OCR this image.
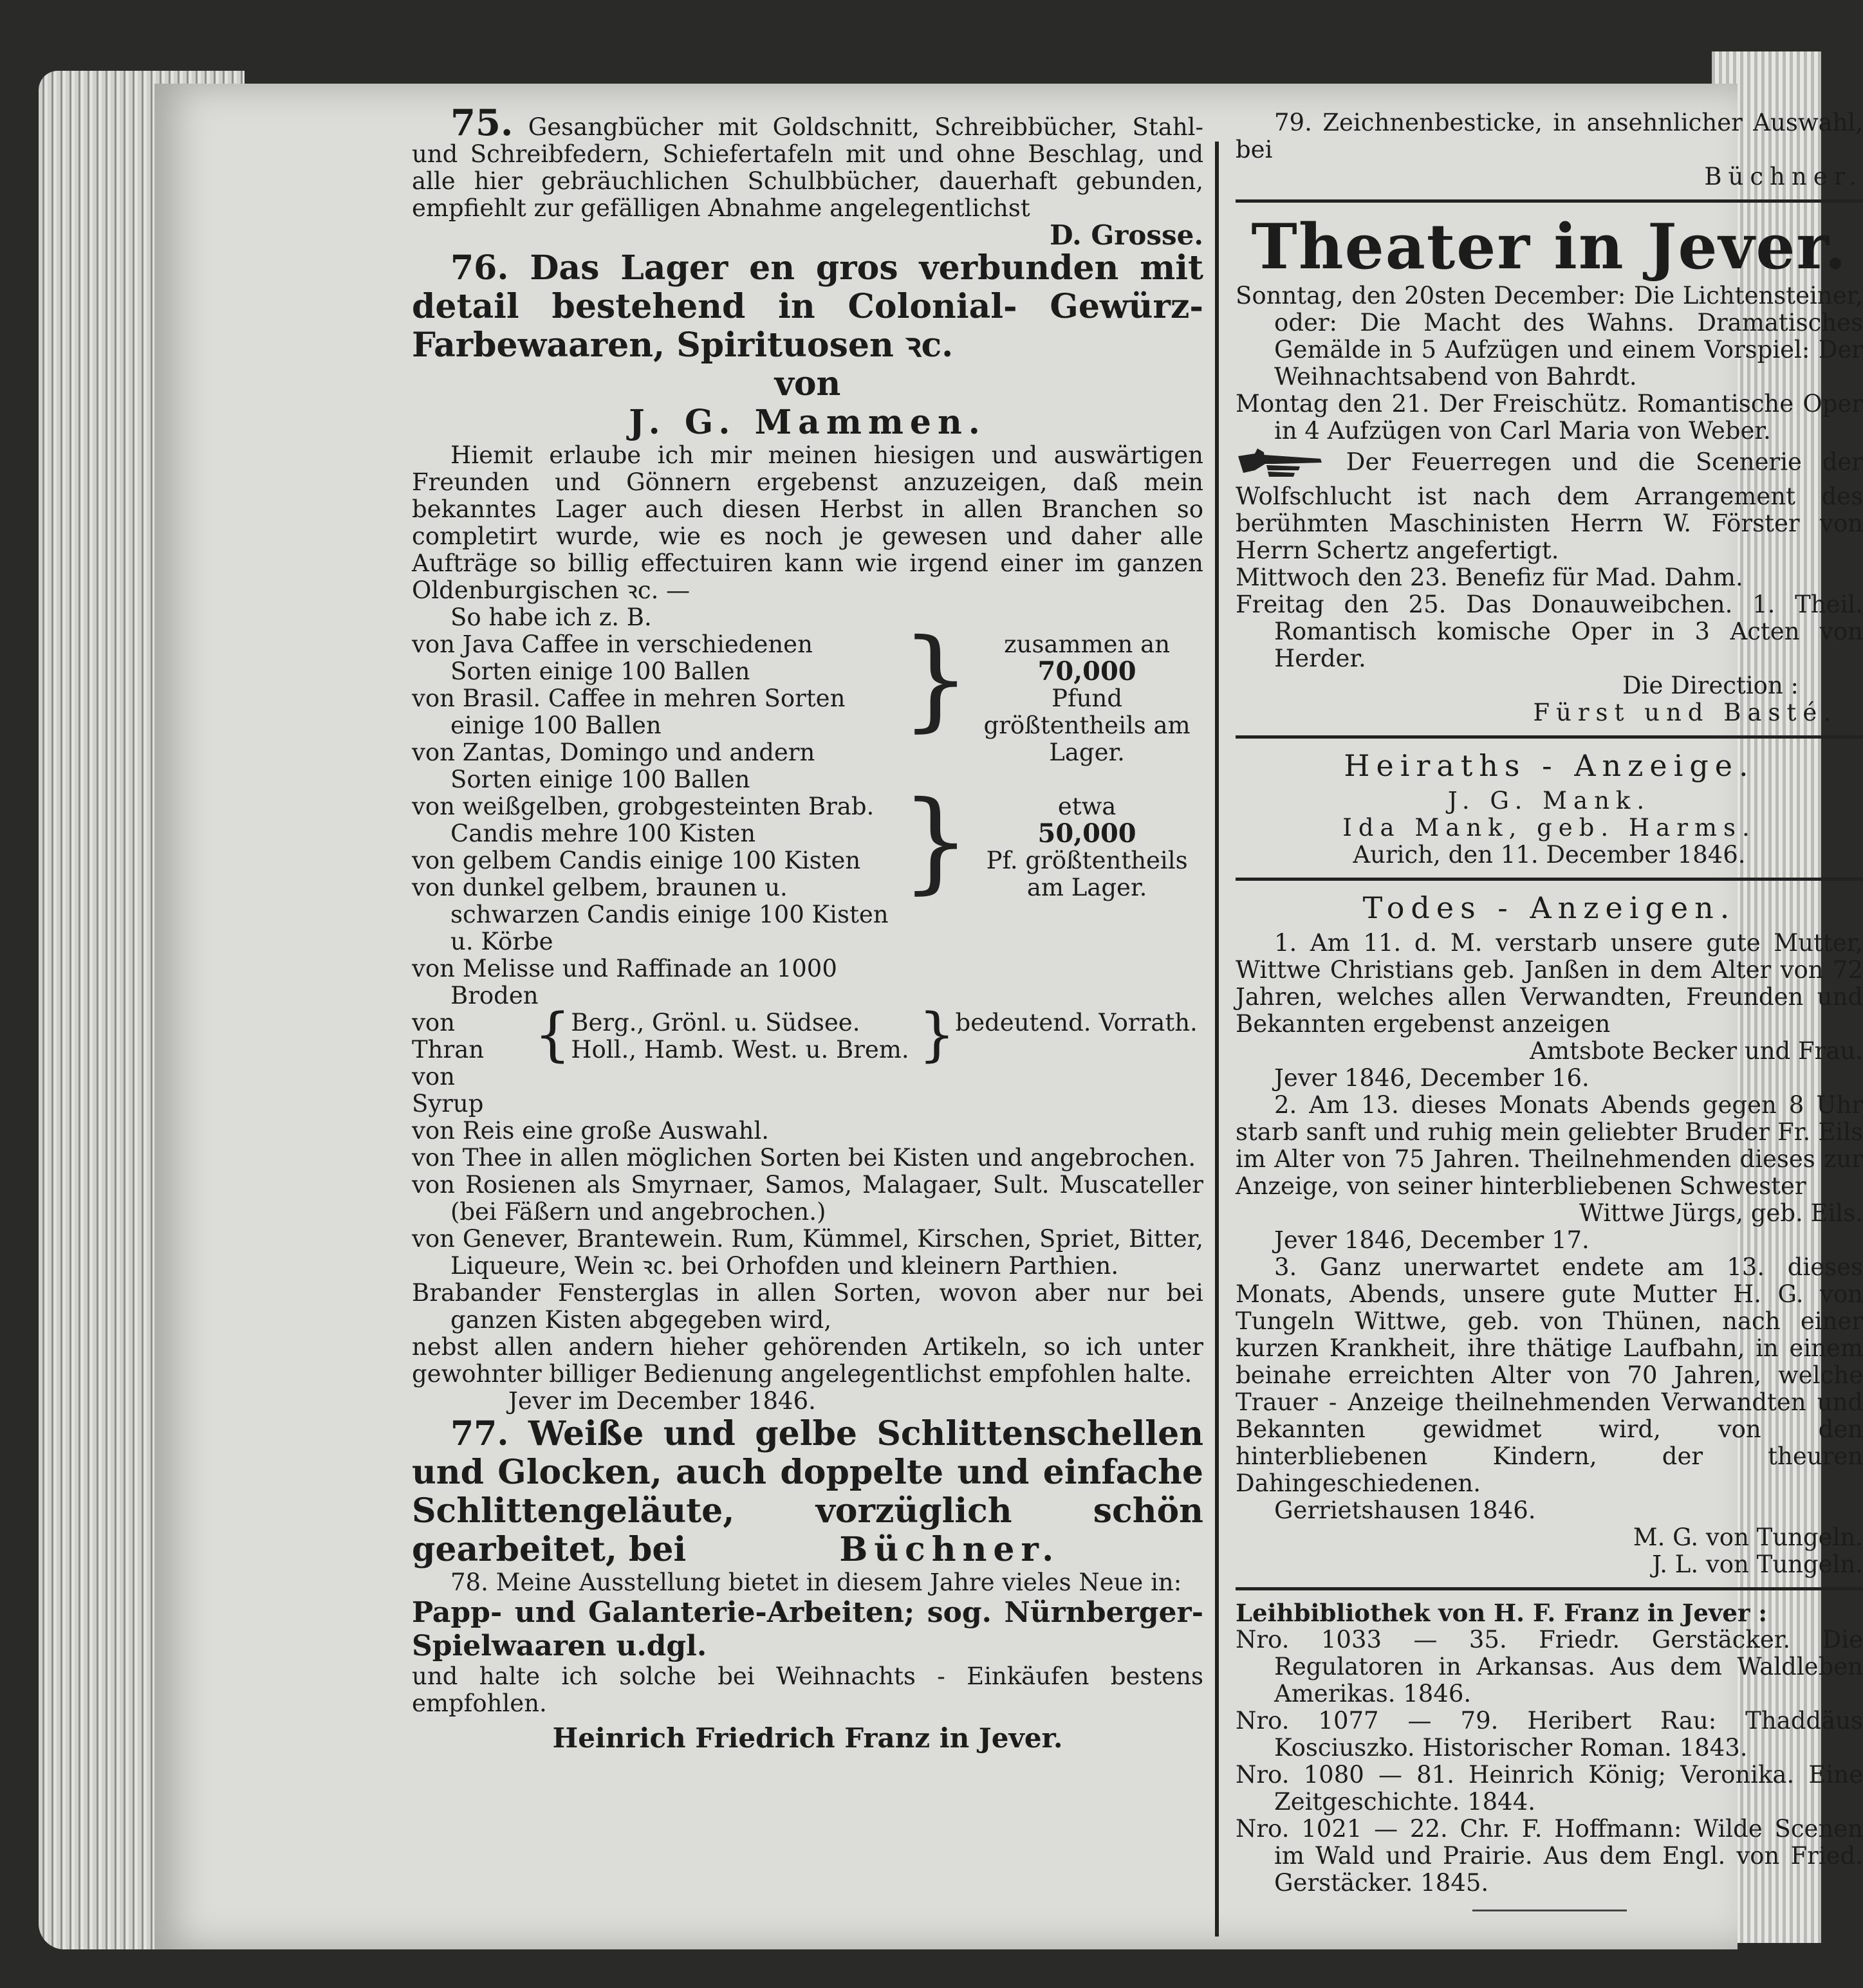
75. Gesangbücher mit Goldschnitt, Schreibbücher, Stahl- und Schreibfedern, Schiefertafeln mit und ohne Beschlag, und alle hier gebräuchlichen Schulbbücher, dauerhaft gebunden, empfiehlt zur gefälligen Abnahme angelegentlichst

D. Grosse.

76. Das Lager en gros verbunden mit detail bestehend in Colonial- Gewürz- Farbewaaren, Spirituosen ꝛc.

von

J. G. Mammen.

Hiemit erlaube ich mir meinen hiesigen und auswärtigen Freunden und Gönnern ergebenst anzuzeigen, daß mein bekanntes Lager auch diesen Herbst in allen Branchen so completirt wurde, wie es noch je gewesen und daher alle Aufträge so billig effectuiren kann wie irgend einer im ganzen Oldenburgischen ꝛc. —

So habe ich z. B.

von Java Caffee in verschiedenen Sorten einige 100 Ballen
von Brasil. Caffee in mehren Sorten einige 100 Ballen
von Zantas, Domingo und andern Sorten einige 100 Ballen
	}	zusammen an
70,000
Pfund größtentheils am Lager.
von weißgelben, grobgesteinten Brab. Candis mehre 100 Kisten
von gelbem Candis einige 100 Kisten
von dunkel gelbem, braunen u. schwarzen Candis einige 100 Kisten u. Körbe
von Melisse und Raffinade an 1000 Broden
	}	etwa
50,000
Pf. größtentheils am Lager.
von Thran
von Syrup
	{	Berg., Grönl. u. Südsee.
Holl., Hamb. West. u. Brem.	}	bedeutend. Vorrath.
von Reis eine große Auswahl.
von Thee in allen möglichen Sorten bei Kisten und angebrochen.
von Rosienen als Smyrnaer, Samos, Malagaer, Sult. Muscateller (bei Fäßern und angebrochen.)
von Genever, Brantewein. Rum, Kümmel, Kirschen, Spriet, Bitter, Liqueure, Wein ꝛc. bei Orhofden und kleinern Parthien.
Brabander Fensterglas in allen Sorten, wovon aber nur bei ganzen Kisten abgegeben wird,

nebst allen andern hieher gehörenden Artikeln, so ich unter gewohnter billiger Bedienung angelegentlichst empfohlen halte.

Jever im December 1846.

77. Weiße und gelbe Schlittenschellen und Glocken, auch doppelte und einfache Schlittengeläute, vorzüglich schön gearbeitet, bei	Büchner.

78. Meine Ausstellung bietet in diesem Jahre vieles Neue in:

Papp- und Galanterie-Arbeiten; sog. Nürnberger- Spielwaaren u.dgl.

und halte ich solche bei Weihnachts - Einkäufen bestens empfohlen.

Heinrich Friedrich Franz in Jever.

79. Zeichnenbesticke, in ansehnlicher Auswahl, bei

Büchner.

Theater in Jever.

Sonntag, den 20sten December: Die Lichtensteiner, oder: Die Macht des Wahns. Dramatisches Gemälde in 5 Aufzügen und einem Vorspiel: Der Weihnachtsabend von Bahrdt.

Montag den 21. Der Freischütz. Romantische Oper in 4 Aufzügen von Carl Maria von Weber.

Der Feuerregen und die Scenerie der Wolfschlucht ist nach dem Arrangement des berühmten Maschinisten Herrn W. Förster von Herrn Schertz angefertigt.

Mittwoch den 23. Benefiz für Mad. Dahm.

Freitag den 25. Das Donauweibchen. 1. Theil. Romantisch komische Oper in 3 Acten von Herder.

Die Direction :

Fürst und Basté.

Heiraths - Anzeige.

J. G. Mank.

Ida Mank, geb. Harms.

Aurich, den 11. December 1846.

Todes - Anzeigen.

1. Am 11. d. M. verstarb unsere gute Mutter, Wittwe Christians geb. Janßen in dem Alter von 72 Jahren, welches allen Verwandten, Freunden und Bekannten ergebenst anzeigen

Amtsbote Becker und Frau.

Jever 1846, December 16.

2. Am 13. dieses Monats Abends gegen 8 Uhr starb sanft und ruhig mein geliebter Bruder Fr. Eils im Alter von 75 Jahren. Theilnehmenden dieses zur Anzeige, von seiner hinterbliebenen Schwester

Wittwe Jürgs, geb. Eils.

Jever 1846, December 17.

3. Ganz unerwartet endete am 13. dieses Monats, Abends, unsere gute Mutter H. G. von Tungeln Wittwe, geb. von Thünen, nach einer kurzen Krankheit, ihre thätige Laufbahn, in einem beinahe erreichten Alter von 70 Jahren, welche Trauer - Anzeige theilnehmenden Verwandten und Bekannten gewidmet wird, von den hinterbliebenen Kindern, der theuren Dahingeschiedenen.

Gerrietshausen 1846.

M. G. von Tungeln.

J. L. von Tungeln.

Leihbibliothek von H. F. Franz in Jever :

Nro. 1033 — 35. Friedr. Gerstäcker. Die Regulatoren in Arkansas. Aus dem Waldleben Amerikas. 1846.

Nro. 1077 — 79. Heribert Rau: Thaddäus Kosciuszko. Historischer Roman. 1843.

Nro. 1080 — 81. Heinrich König; Veronika. Eine Zeitgeschichte. 1844.

Nro. 1021 — 22. Chr. F. Hoffmann: Wilde Scenen im Wald und Prairie. Aus dem Engl. von Fried. Gerstäcker. 1845.
